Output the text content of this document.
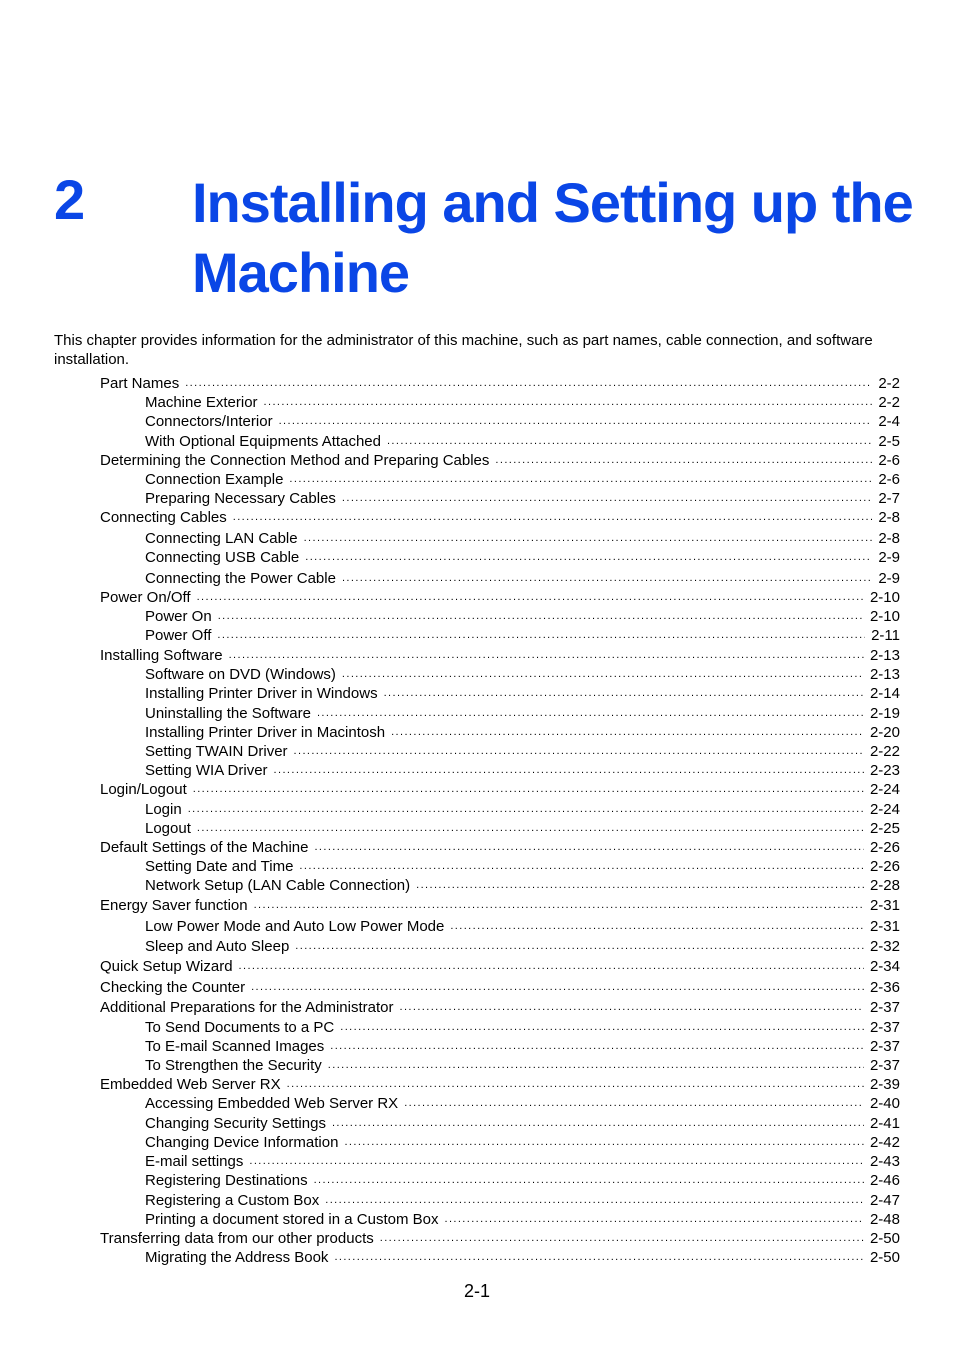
2 Installing and Setting up the Machine

This chapter provides information for the administrator of this machine, such as part names, cable connection, and software installation.

Part Names .....	2-2
Machine Exterior .....	2-2
Connectors/Interior .....	2-4
With Optional Equipments Attached .....	2-5
Determining the Connection Method and Preparing Cables .....	2-6
Connection Example .....	2-6
Preparing Necessary Cables .....	2-7
Connecting Cables .....	2-8
Connecting LAN Cable .....	2-8
Connecting USB Cable .....	2-9
Connecting the Power Cable .....	2-9
Power On/Off .....	2-10
Power On .....	2-10
Power Off .....	2-11
Installing Software .....	2-13
Software on DVD (Windows) .....	2-13
Installing Printer Driver in Windows .....	2-14
Uninstalling the Software .....	2-19
Installing Printer Driver in Macintosh .....	2-20
Setting TWAIN Driver .....	2-22
Setting WIA Driver .....	2-23
Login/Logout .....	2-24
Login .....	2-24
Logout .....	2-25
Default Settings of the Machine .....	2-26
Setting Date and Time .....	2-26
Network Setup (LAN Cable Connection) .....	2-28
Energy Saver function .....	2-31
Low Power Mode and Auto Low Power Mode .....	2-31
Sleep and Auto Sleep .....	2-32
Quick Setup Wizard .....	2-34
Checking the Counter .....	2-36
Additional Preparations for the Administrator .....	2-37
To Send Documents to a PC .....	2-37
To E-mail Scanned Images .....	2-37
To Strengthen the Security .....	2-37
Embedded Web Server RX .....	2-39
Accessing Embedded Web Server RX .....	2-40
Changing Security Settings .....	2-41
Changing Device Information .....	2-42
E-mail settings .....	2-43
Registering Destinations .....	2-46
Registering a Custom Box .....	2-47
Printing a document stored in a Custom Box .....	2-48
Transferring data from our other products .....	2-50
Migrating the Address Book .....	2-50
2-1
